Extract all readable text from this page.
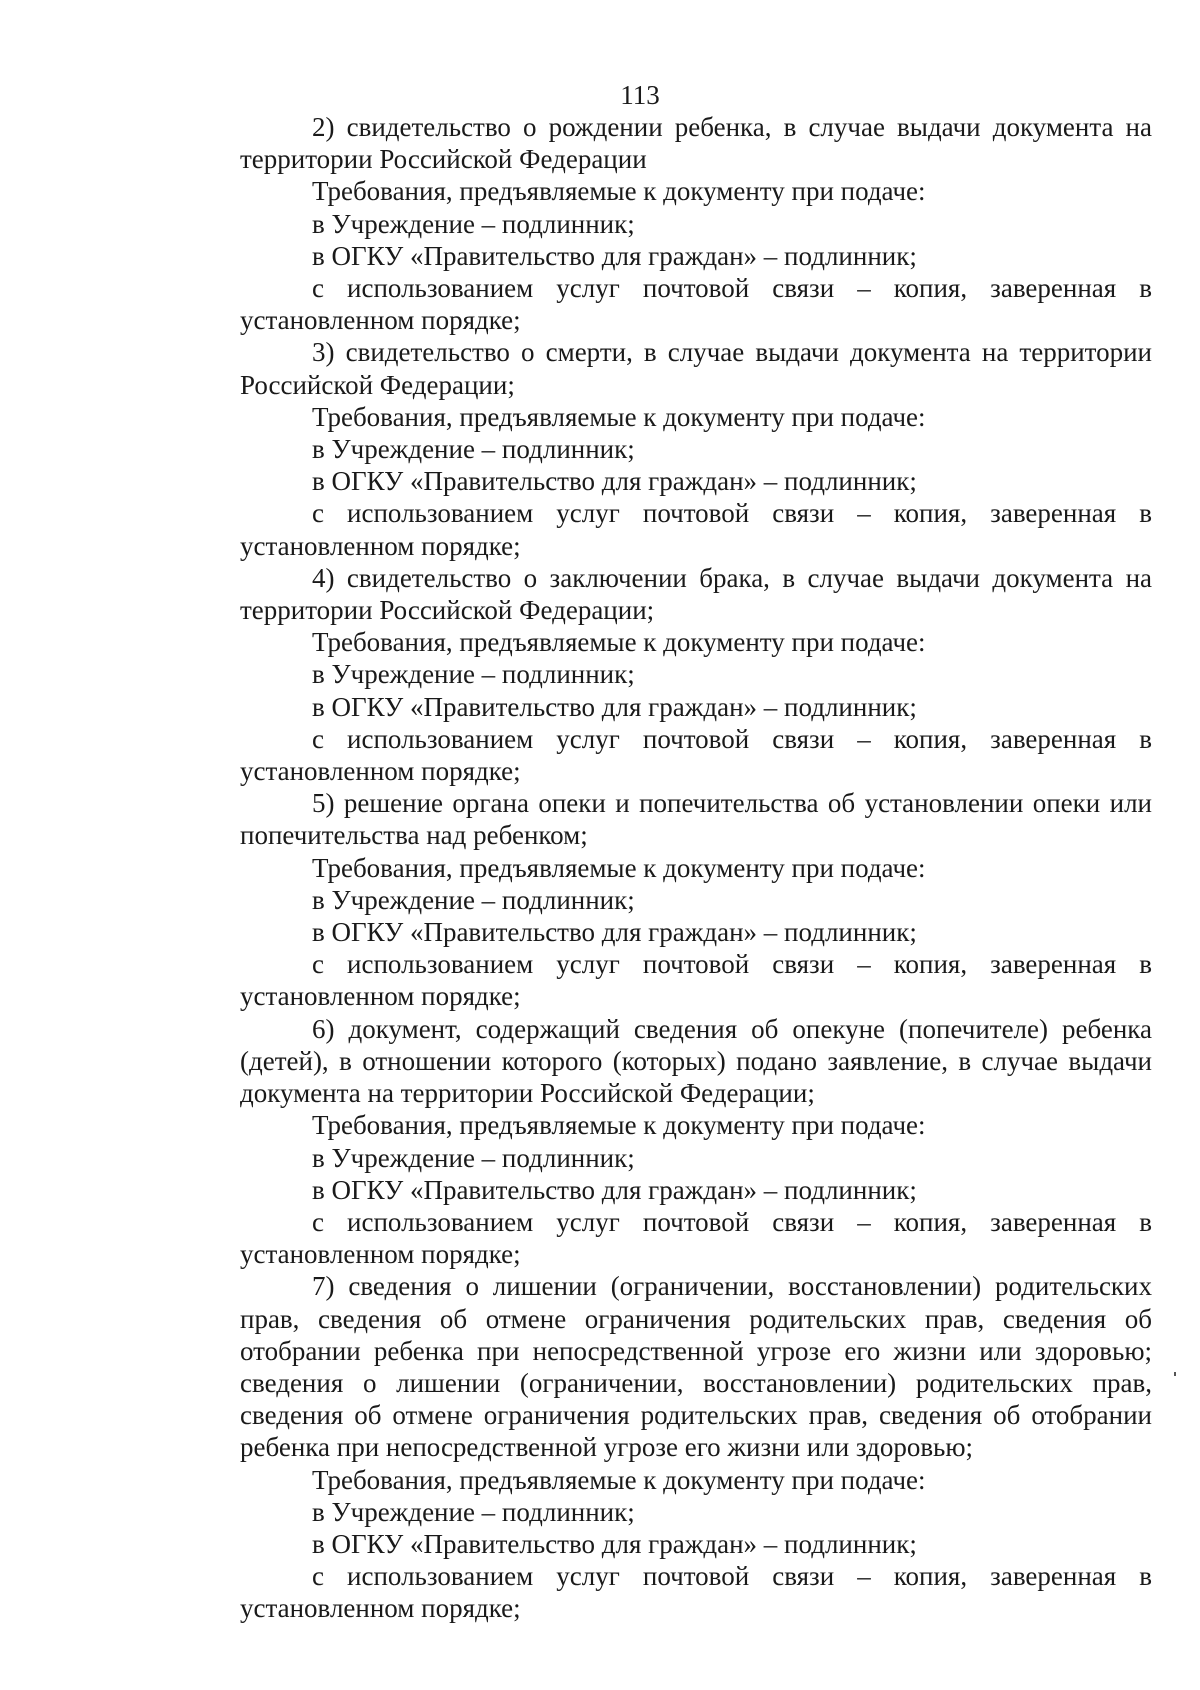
113

2) свидетельство о рождении ребенка, в случае выдачи документа на территории Российской Федерации

Требования, предъявляемые к документу при подаче:

в Учреждение – подлинник;

в ОГКУ «Правительство для граждан» – подлинник;

с использованием услуг почтовой связи – копия, заверенная в установленном порядке;

3) свидетельство о смерти, в случае выдачи документа на территории Российской Федерации;

Требования, предъявляемые к документу при подаче:

в Учреждение – подлинник;

в ОГКУ «Правительство для граждан» – подлинник;

с использованием услуг почтовой связи – копия, заверенная в установленном порядке;

4) свидетельство о заключении брака, в случае выдачи документа на территории Российской Федерации;

Требования, предъявляемые к документу при подаче:

в Учреждение – подлинник;

в ОГКУ «Правительство для граждан» – подлинник;

с использованием услуг почтовой связи – копия, заверенная в установленном порядке;

5) решение органа опеки и попечительства об установлении опеки или попечительства над ребенком;

Требования, предъявляемые к документу при подаче:

в Учреждение – подлинник;

в ОГКУ «Правительство для граждан» – подлинник;

с использованием услуг почтовой связи – копия, заверенная в установленном порядке;

6) документ, содержащий сведения об опекуне (попечителе) ребенка (детей), в отношении которого (которых) подано заявление, в случае выдачи документа на территории Российской Федерации;

Требования, предъявляемые к документу при подаче:

в Учреждение – подлинник;

в ОГКУ «Правительство для граждан» – подлинник;

с использованием услуг почтовой связи – копия, заверенная в установленном порядке;

7) сведения о лишении (ограничении, восстановлении) родительских прав, сведения об отмене ограничения родительских прав, сведения об отобрании ребенка при непосредственной угрозе его жизни или здоровью; сведения о лишении (ограничении, восстановлении) родительских прав, сведения об отмене ограничения родительских прав, сведения об отобрании ребенка при непосредственной угрозе его жизни или здоровью;

Требования, предъявляемые к документу при подаче:

в Учреждение – подлинник;

в ОГКУ «Правительство для граждан» – подлинник;

с использованием услуг почтовой связи – копия, заверенная в установленном порядке;
